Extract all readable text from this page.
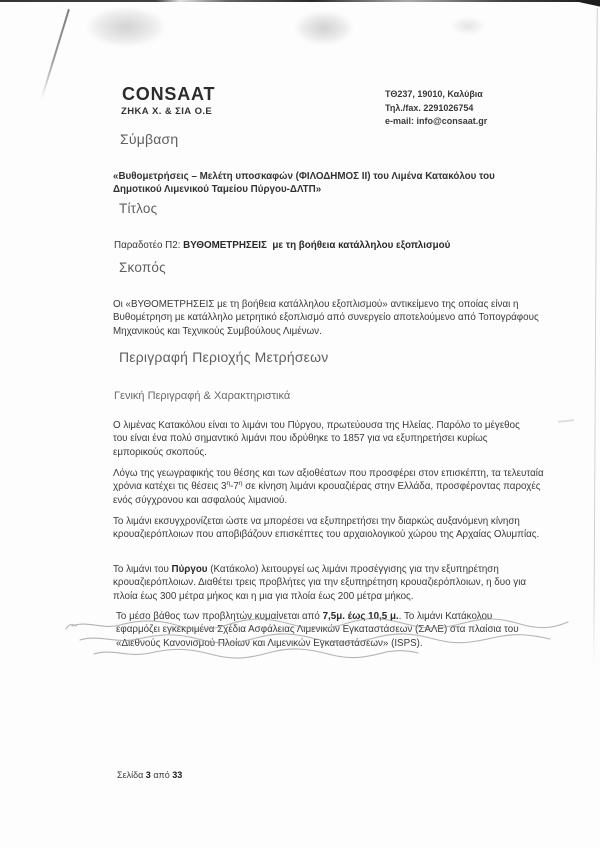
CONSAAT
ΖΗΚΑ Χ. & ΣΙΑ Ο.Ε
ΤΘ237, 19010, Καλύβια
Τηλ./fax. 2291026754
e-mail: info@consaat.gr
Σύμβαση
«Βυθομετρήσεις – Μελέτη υποσκαφών (ΦΙΛΟΔΗΜΟΣ ΙΙ) του Λιμένα Κατακόλου του Δημοτικού Λιμενικού Ταμείου Πύργου-ΔΛΤΠ»
Τίτλος
Παραδοτέο Π2: ΒΥΘΟΜΕΤΡΗΣΕΙΣ  με τη βοήθεια κατάλληλου εξοπλισμού
Σκοπός
Οι «ΒΥΘΟΜΕΤΡΗΣΕΙΣ με τη βοήθεια κατάλληλου εξοπλισμού» αντικείμενο της οποίας είναι η Βυθομέτρηση με κατάλληλο μετρητικό εξοπλισμό από συνεργείο αποτελούμενο από Τοπογράφους Μηχανικούς και Τεχνικούς Συμβούλους Λιμένων.
Περιγραφή Περιοχής Μετρήσεων
Γενική Περιγραφή & Χαρακτηριστικά
Ο λιμένας Κατακόλου είναι το λιμάνι του Πύργου, πρωτεύουσα της Ηλείας. Παρόλο το μέγεθος του είναι ένα πολύ σημαντικό λιμάνι που ιδρύθηκε το 1857 για να εξυπηρετήσει κυρίως εμπορικούς σκοπούς.
Λόγω της γεωγραφικής του θέσης και των αξιοθέατων που προσφέρει στον επισκέπτη, τα τελευταία χρόνια κατέχει τις θέσεις $3^\eta-7^\eta$ σε κίνηση λιμάνι κρουαζιέρας στην Ελλάδα, προσφέροντας παροχές ενός σύγχρονου και ασφαλούς λιμανιού.
Το λιμάνι εκσυγχρονίζεται ώστε να μπορέσει να εξυπηρετήσει την διαρκώς αυξανόμενη κίνηση κρουαζιερόπλοιων που αποβιβάζουν επισκέπτες του αρχαιολογικού χώρου της Αρχαίας Ολυμπίας.
Το λιμάνι του Πύργου (Κατάκολο) λειτουργεί ως λιμάνι προσέγγισης για την εξυπηρέτηση κρουαζιερόπλοιων. Διαθέτει τρεις προβλήτες για την εξυπηρέτηση κρουαζιερόπλοιων, η δυο για πλοία έως 300 μέτρα μήκος και η μια για πλοία έως 200 μέτρα μήκος.
Το μέσο βάθος των προβλητών κυμαίνεται από 7,5μ. έως 10,5 μ.. Το λιμάνι Κατάκολου εφαρμόζει εγκεκριμένα Σχέδια Ασφάλειας Λιμενικών Εγκαταστάσεων (ΣΑΛΕ) στα πλαίσια του «Διεθνούς Κανονισμού Πλοίων και Λιμενικών Εγκαταστάσεων» (ISPS).
Σελίδα 3 από 33
